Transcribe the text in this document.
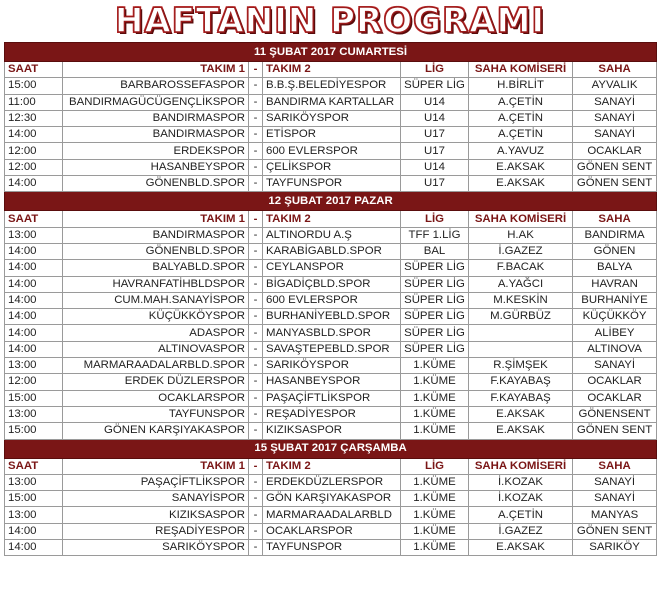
HAFTANIN PROGRAMI
11 ŞUBAT 2017 CUMARTESİ						
SAAT	TAKIM 1	-	TAKIM 2	LİG	SAHA KOMİSERİ	SAHA
15:00	BARBAROSSEFASPOR	-	B.B.Ş.BELEDİYESPOR	SÜPER LİG	H.BİRLİT	AYVALIK
11:00	BANDIRMAGÜCÜGENÇLİKSPOR	-	BANDIRMA KARTALLAR	U14	A.ÇETİN	SANAYİ
12:30	BANDIRMASPOR	-	SARIKÖYSPOR	U14	A.ÇETİN	SANAYİ
14:00	BANDIRMASPOR	-	ETİSPOR	U17	A.ÇETİN	SANAYİ
12:00	ERDEKSPOR	-	600 EVLERSPOR	U17	A.YAVUZ	OCAKLAR
12:00	HASANBEYSPOR	-	ÇELİKSPOR	U14	E.AKSAK	GÖNEN SENT
14:00	GÖNENBLD.SPOR	-	TAYFUNSPOR	U17	E.AKSAK	GÖNEN SENT
12 ŞUBAT 2017 PAZAR						
SAAT	TAKIM 1	-	TAKIM 2	LİG	SAHA KOMİSERİ	SAHA
13:00	BANDIRMASPOR	-	ALTINORDU A.Ş	TFF 1.LİG	H.AK	BANDIRMA
14:00	GÖNENBLD.SPOR	-	KARABİGABLD.SPOR	BAL	İ.GAZEZ	GÖNEN
14:00	BALYABLD.SPOR	-	CEYLANSPOR	SÜPER LİG	F.BACAK	BALYA
14:00	HAVRANFATİHBLDSPOR	-	BİGADİÇBLD.SPOR	SÜPER LİG	A.YAĞCI	HAVRAN
14:00	CUM.MAH.SANAYİSPOR	-	600 EVLERSPOR	SÜPER LİG	M.KESKİN	BURHANİYE
14:00	KÜÇÜKKÖYSPOR	-	BURHANİYEBLD.SPOR	SÜPER LİG	M.GÜRBÜZ	KÜÇÜKKÖY
14:00	ADASPOR	-	MANYASBLD.SPOR	SÜPER LİG		ALİBEY
14:00	ALTINOVASPOR	-	SAVAŞTEPEBLD.SPOR	SÜPER LİG		ALTINOVA
13:00	MARMARAADALARBLD.SPOR	-	SARIKÖYSPOR	1.KÜME	R.ŞİMŞEK	SANAYİ
12:00	ERDEK DÜZLERSPOR	-	HASANBEYSPOR	1.KÜME	F.KAYABAŞ	OCAKLAR
15:00	OCAKLARSPOR	-	PAŞAÇİFTLİKSPOR	1.KÜME	F.KAYABAŞ	OCAKLAR
13:00	TAYFUNSPOR	-	REŞADİYESPOR	1.KÜME	E.AKSAK	GÖNENSENT
15:00	GÖNEN KARŞIYAKASPOR	-	KIZIKSASPOR	1.KÜME	E.AKSAK	GÖNEN SENT
15 ŞUBAT 2017 ÇARŞAMBA						
SAAT	TAKIM 1	-	TAKIM 2	LİG	SAHA KOMİSERİ	SAHA
13:00	PAŞAÇİFTLİKSPOR	-	ERDEKDÜZLERSPOR	1.KÜME	İ.KOZAK	SANAYİ
15:00	SANAYİSPOR	-	GÖN KARŞIYAKASPOR	1.KÜME	İ.KOZAK	SANAYİ
13:00	KIZIKSASPOR	-	MARMARAADALARBLD	1.KÜME	A.ÇETİN	MANYAS
14:00	REŞADİYESPOR	-	OCAKLARSPOR	1.KÜME	İ.GAZEZ	GÖNEN SENT
14:00	SARIKÖYSPOR	-	TAYFUNSPOR	1.KÜME	E.AKSAK	SARIKÖY
